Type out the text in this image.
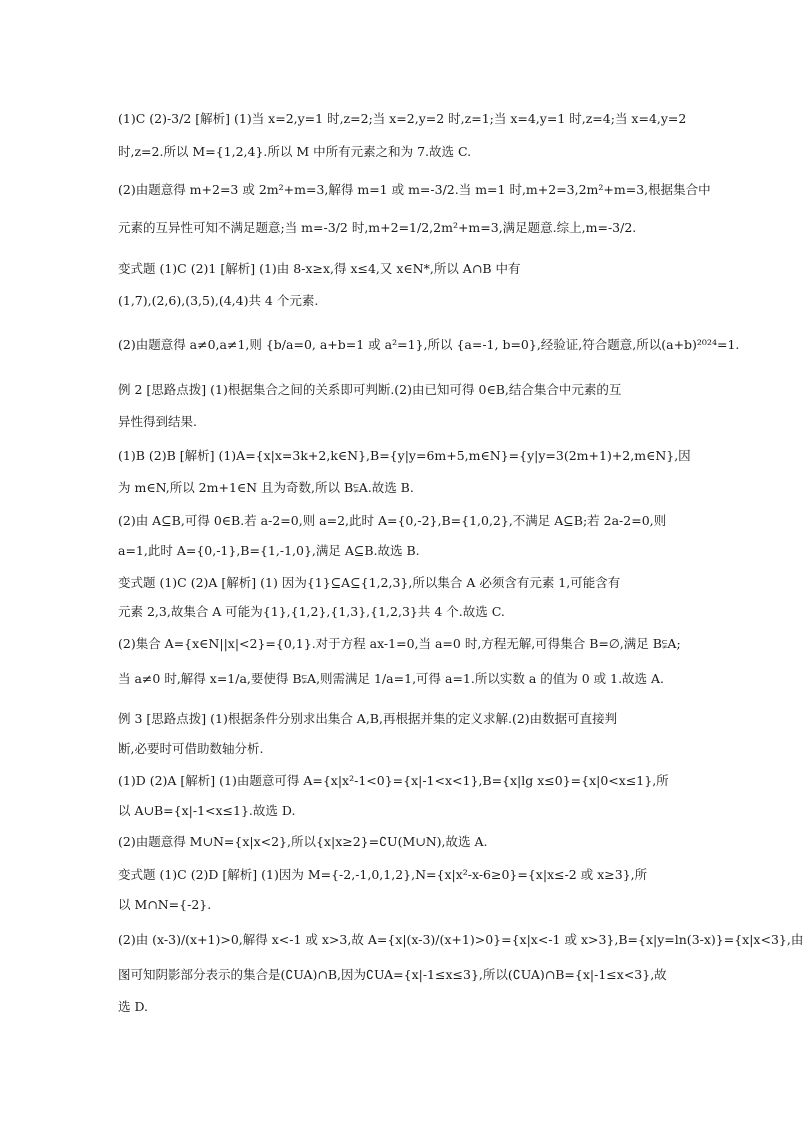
(1)C (2)-3/2 [解析] (1)当 x=2,y=1 时,z=2;当 x=2,y=2 时,z=1;当 x=4,y=1 时,z=4;当 x=4,y=2
时,z=2.所以 M={1,2,4}.所以 M 中所有元素之和为 7.故选 C.
(2)由题意得 m+2=3 或 2m²+m=3,解得 m=1 或 m=-3/2.当 m=1 时,m+2=3,2m²+m=3,根据集合中
元素的互异性可知不满足题意;当 m=-3/2 时,m+2=1/2,2m²+m=3,满足题意.综上,m=-3/2.
变式题 (1)C (2)1 [解析] (1)由 8-x≥x,得 x≤4,又 x∈N*,所以 A∩B 中有
(1,7),(2,6),(3,5),(4,4)共 4 个元素.
(2)由题意得 a≠0,a≠1,则 {b/a=0, a+b=1 或 a²=1},所以 {a=-1, b=0},经验证,符合题意,所以(a+b)²⁰²⁴=1.
例 2 [思路点拨] (1)根据集合之间的关系即可判断.(2)由已知可得 0∈B,结合集合中元素的互
异性得到结果.
(1)B (2)B [解析] (1)A={x|x=3k+2,k∈N},B={y|y=6m+5,m∈N}={y|y=3(2m+1)+2,m∈N},因
为 m∈N,所以 2m+1∈N 且为奇数,所以 B⫋A.故选 B.
(2)由 A⊆B,可得 0∈B.若 a-2=0,则 a=2,此时 A={0,-2},B={1,0,2},不满足 A⊆B;若 2a-2=0,则
a=1,此时 A={0,-1},B={1,-1,0},满足 A⊆B.故选 B.
变式题 (1)C (2)A [解析] (1) 因为{1}⊆A⊆{1,2,3},所以集合 A 必须含有元素 1,可能含有
元素 2,3,故集合 A 可能为{1},{1,2},{1,3},{1,2,3}共 4 个.故选 C.
(2)集合 A={x∈N||x|<2}={0,1}.对于方程 ax-1=0,当 a=0 时,方程无解,可得集合 B=∅,满足 B⫋A;
当 a≠0 时,解得 x=1/a,要使得 B⫋A,则需满足 1/a=1,可得 a=1.所以实数 a 的值为 0 或 1.故选 A.
例 3 [思路点拨] (1)根据条件分别求出集合 A,B,再根据并集的定义求解.(2)由数据可直接判
断,必要时可借助数轴分析.
(1)D (2)A [解析] (1)由题意可得 A={x|x²-1<0}={x|-1<x<1},B={x|lg x≤0}={x|0<x≤1},所
以 A∪B={x|-1<x≤1}.故选 D.
(2)由题意得 M∪N={x|x<2},所以{x|x≥2}=∁U(M∪N),故选 A.
变式题 (1)C (2)D [解析] (1)因为 M={-2,-1,0,1,2},N={x|x²-x-6≥0}={x|x≤-2 或 x≥3},所
以 M∩N={-2}.
(2)由 (x-3)/(x+1)>0,解得 x<-1 或 x>3,故 A={x|(x-3)/(x+1)>0}={x|x<-1 或 x>3},B={x|y=ln(3-x)}={x|x<3},由
图可知阴影部分表示的集合是(∁UA)∩B,因为∁UA={x|-1≤x≤3},所以(∁UA)∩B={x|-1≤x<3},故
选 D.
